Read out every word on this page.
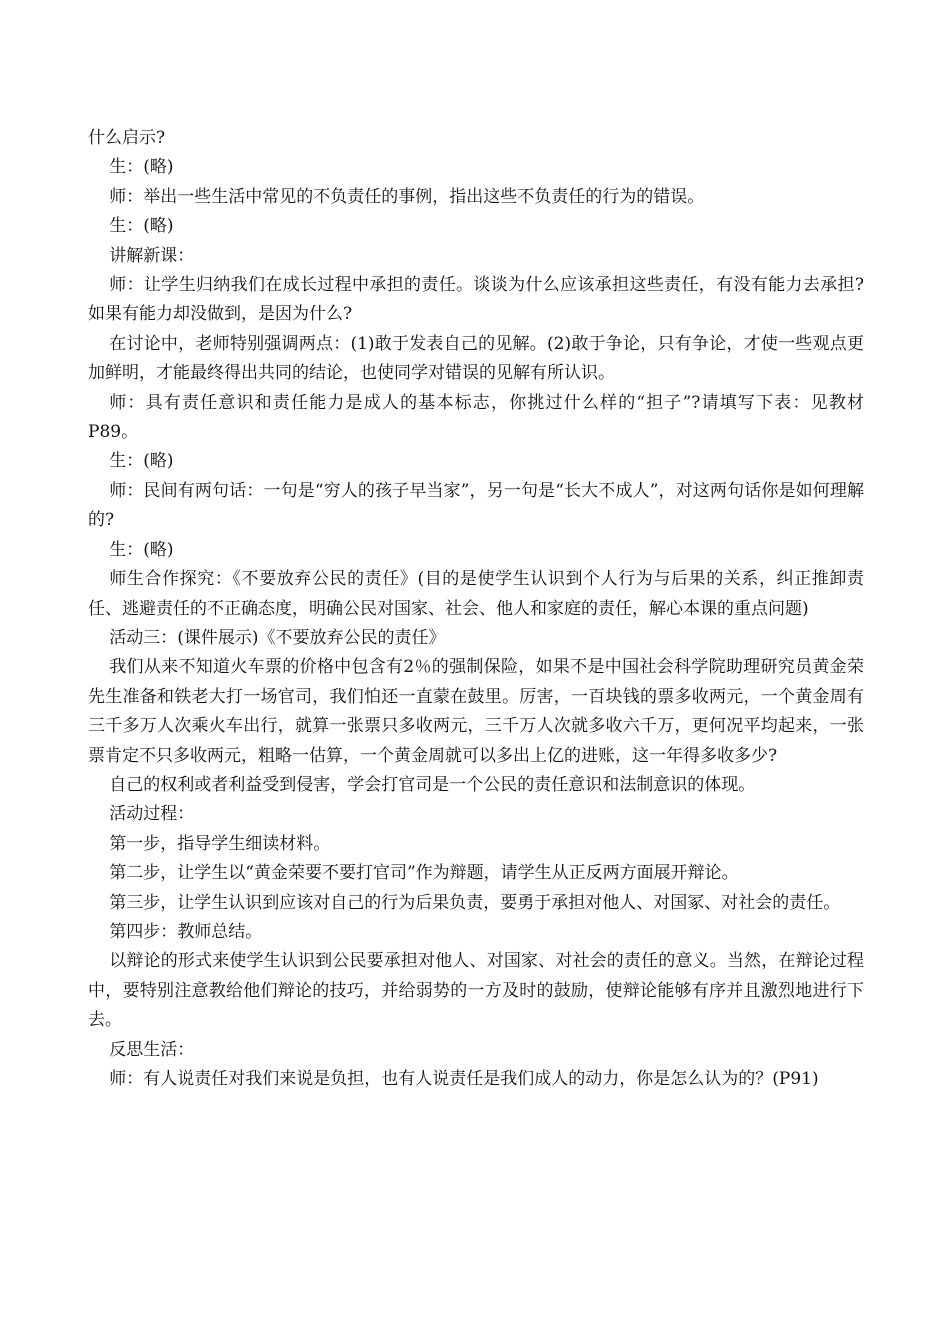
什么启示?

生：(略)

师：举出一些生活中常见的不负责任的事例，指出这些不负责任的行为的错误。

生：(略)

讲解新课：

师：让学生归纳我们在成长过程中承担的责任。谈谈为什么应该承担这些责任，有没有能力去承担?如果有能力却没做到，是因为什么?

在讨论中，老师特别强调两点：(1)敢于发表自己的见解。(2)敢于争论，只有争论，才使一些观点更加鲜明，才能最终得出共同的结论，也使同学对错误的见解有所认识。

师：具有责任意识和责任能力是成人的基本标志，你挑过什么样的“担子”?请填写下表：见教材P89。

生：(略)

师：民间有两句话：一句是“穷人的孩子早当家”，另一句是“长大不成人”，对这两句话你是如何理解的?

生：(略)

师生合作探究：《不要放弃公民的责任》(目的是使学生认识到个人行为与后果的关系，纠正推卸责任、逃避责任的不正确态度，明确公民对国家、社会、他人和家庭的责任，解心本课的重点问题)

活动三：(课件展示)《不要放弃公民的责任》

我们从来不知道火车票的价格中包含有2％的强制保险，如果不是中国社会科学院助理研究员黄金荣先生准备和铁老大打一场官司，我们怕还一直蒙在鼓里。厉害，一百块钱的票多收两元，一个黄金周有三千多万人次乘火车出行，就算一张票只多收两元，三千万人次就多收六千万，更何况平均起来，一张票肯定不只多收两元，粗略一估算，一个黄金周就可以多出上亿的进账，这一年得多收多少?

自己的权利或者利益受到侵害，学会打官司是一个公民的责任意识和法制意识的体现。

活动过程：

第一步，指导学生细读材料。

第二步，让学生以“黄金荣要不要打官司”作为辩题，请学生从正反两方面展开辩论。

第三步，让学生认识到应该对自己的行为后果负责，要勇于承担对他人、对国冢、对社会的责任。

第四步：教师总结。

以辩论的形式来使学生认识到公民要承担对他人、对国家、对社会的责任的意义。当然，在辩论过程中，要特别注意教给他们辩论的技巧，并给弱势的一方及时的鼓励，使辩论能够有序并且激烈地进行下去。

反思生活：

师：有人说责任对我们来说是负担，也有人说责任是我们成人的动力，你是怎么认为的？(P91)
